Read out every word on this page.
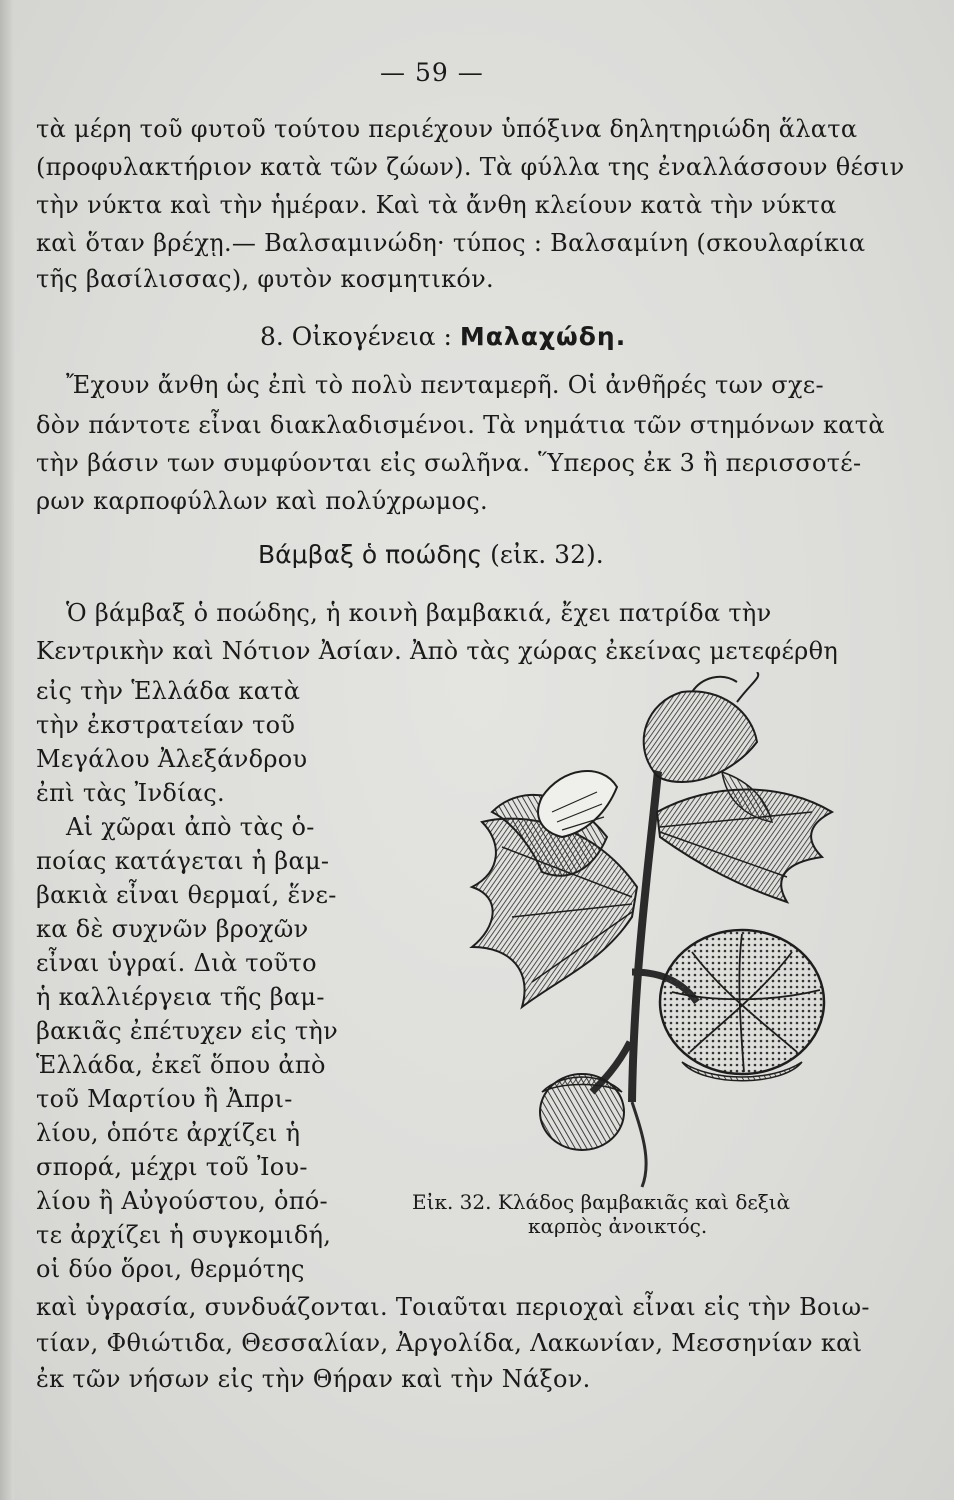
— 59 —
τὰ μέρη τοῦ φυτοῦ τούτου περιέχουν ὑπόξινα δηλητηριώδη ἅλατα
(προφυλακτήριον κατὰ τῶν ζώων). Τὰ φύλλα της ἐναλλάσσουν θέσιν
τὴν νύκτα καὶ τὴν ἡμέραν. Καὶ τὰ ἄνθη κλείουν κατὰ τὴν νύκτα
καὶ ὅταν βρέχῃ.— Βαλσαμινώδη· τύπος : Βαλσαμίνη (σκουλαρίκια
τῆς βασίλισσας), φυτὸν κοσμητικόν.
8. Οἰκογένεια : Μαλαχώδη.
Ἔχουν ἄνθη ὡς ἐπὶ τὸ πολὺ πενταμερῆ. Οἱ ἀνθῆρές των σχε-
δὸν πάντοτε εἶναι διακλαδισμένοι. Τὰ νημάτια τῶν στημόνων κατὰ
τὴν βάσιν των συμφύονται εἰς σωλῆνα. Ὕπερος ἐκ 3 ἢ περισσοτέ-
ρων καρποφύλλων καὶ πολύχρωμος.
Βάμβαξ ὁ ποώδης (εἰκ. 32).
Ὁ βάμβαξ ὁ ποώδης, ἡ κοινὴ βαμβακιά, ἔχει πατρίδα τὴν
Κεντρικὴν καὶ Νότιον Ἀσίαν. Ἀπὸ τὰς χώρας ἐκείνας μετεφέρθη
εἰς τὴν Ἑλλάδα κατὰ
τὴν ἐκστρατείαν τοῦ
Μεγάλου Ἀλεξάνδρου
ἐπὶ τὰς Ἰνδίας.
Αἱ χῶραι ἀπὸ τὰς ὁ-
ποίας κατάγεται ἡ βαμ-
βακιὰ εἶναι θερμαί, ἕνε-
κα δὲ συχνῶν βροχῶν
εἶναι ὑγραί. Διὰ τοῦτο
ἡ καλλιέργεια τῆς βαμ-
βακιᾶς ἐπέτυχεν εἰς τὴν
Ἑλλάδα, ἐκεῖ ὅπου ἀπὸ
τοῦ Μαρτίου ἢ Ἀπρι-
λίου, ὁπότε ἀρχίζει ἡ
σπορά, μέχρι τοῦ Ἰου-
λίου ἢ Αὐγούστου, ὁπό-
τε ἀρχίζει ἡ συγκομιδή,
οἱ δύο ὅροι, θερμότης
καὶ ὑγρασία, συνδυάζονται. Τοιαῦται περιοχαὶ εἶναι εἰς τὴν Βοιω-
τίαν, Φθιώτιδα, Θεσσαλίαν, Ἀργολίδα, Λακωνίαν, Μεσσηνίαν καὶ
ἐκ τῶν νήσων εἰς τὴν Θήραν καὶ τὴν Νάξον.
Εἰκ. 32. Κλάδος βαμβακιᾶς καὶ δεξιὰ
καρπὸς ἀνοικτός.
